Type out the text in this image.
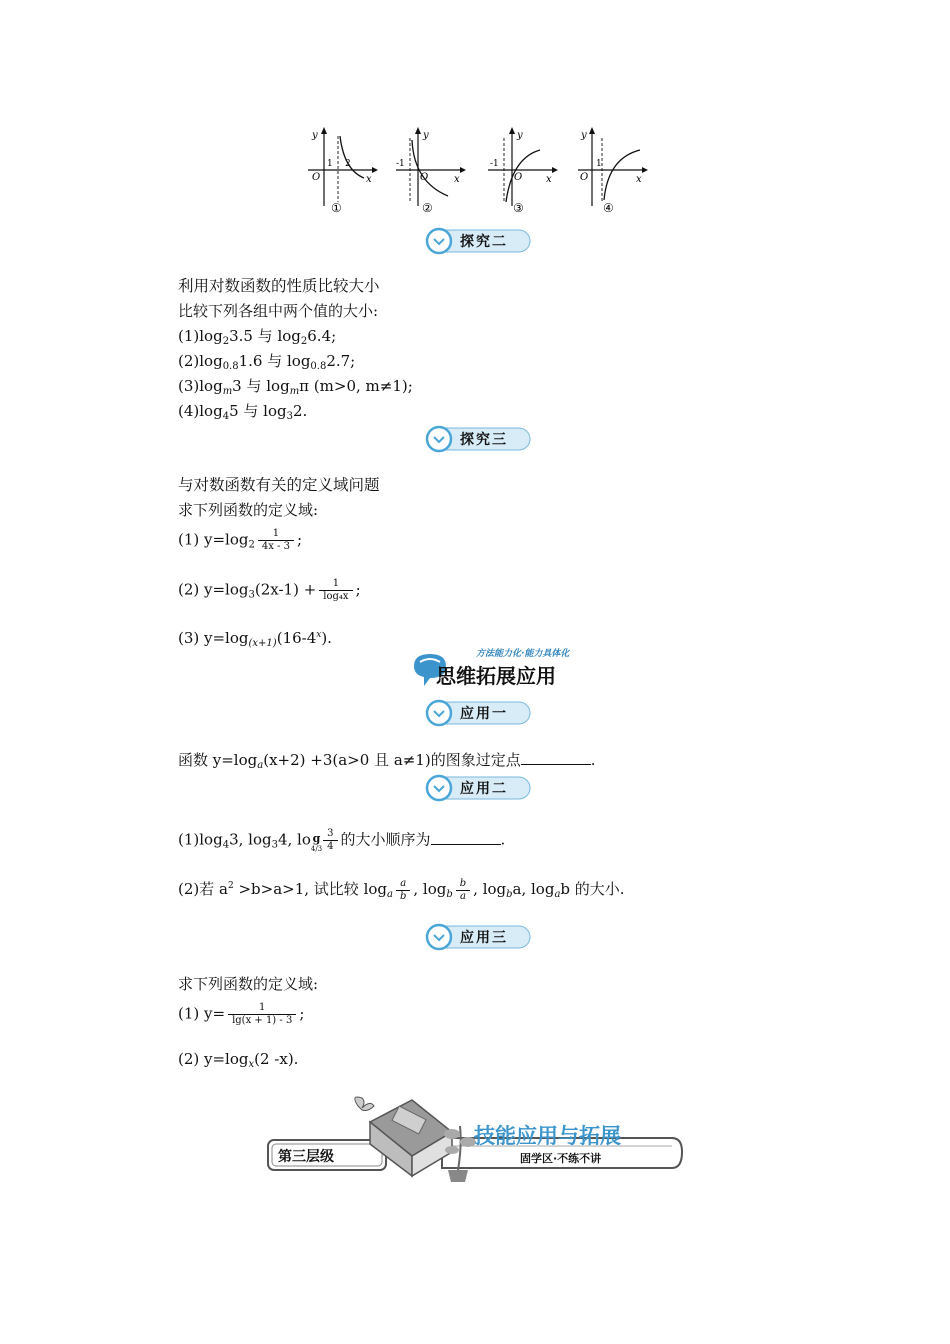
y
x
O
1 2
①
y
x
O
-1
②
y
x
O
-1
③
y
x
O
1
④
探究二
利用对数函数的性质比较大小
比较下列各组中两个值的大小:
$(1)\log_23.5$ 与 $\log_26.4$;
$(2)\log_{0.8}1.6$ 与 $\log_{0.8}2.7$;
$(3)\log_m3$ 与 $\log_m\pi$ (m>0, m≠1);
$(4)\log_45$ 与 $\log_32$.
探究三
与对数函数有关的定义域问题
求下列函数的定义域:
(1) $y=\log_2 \frac{1}{4x - 3}$ ;
(2) $y=\log_3(2x-1) + \frac{1}{\text{log₄x}}$ ;
(3) $y=\log_{(x+1)}(16-4^x)$.
方法能力化·能力具体化
思维拓展应用
应用一
函数 $y=\log_a(x+2) +3(a>0$ 且 a≠1)的图象过定点	.
应用二
$(1)\log_43$, $\log_34$, lo g
$4/3 \frac{3}{4}$ 的大小顺序为	.
(2)若 $a^2 >b>a>1$, 试比较 $\log_a \frac{a}{b}$ , $\log_b \frac{b}{a}$ , $\log_ba$, $\log_ab$ 的大小.
应用三
求下列函数的定义域:
(1) $y= \frac{1}{\lg(x + 1) - 3}$ ;
(2) $y=\log_x(2$ -x).
第三层级
技能应用与拓展
固学区·不练不讲
